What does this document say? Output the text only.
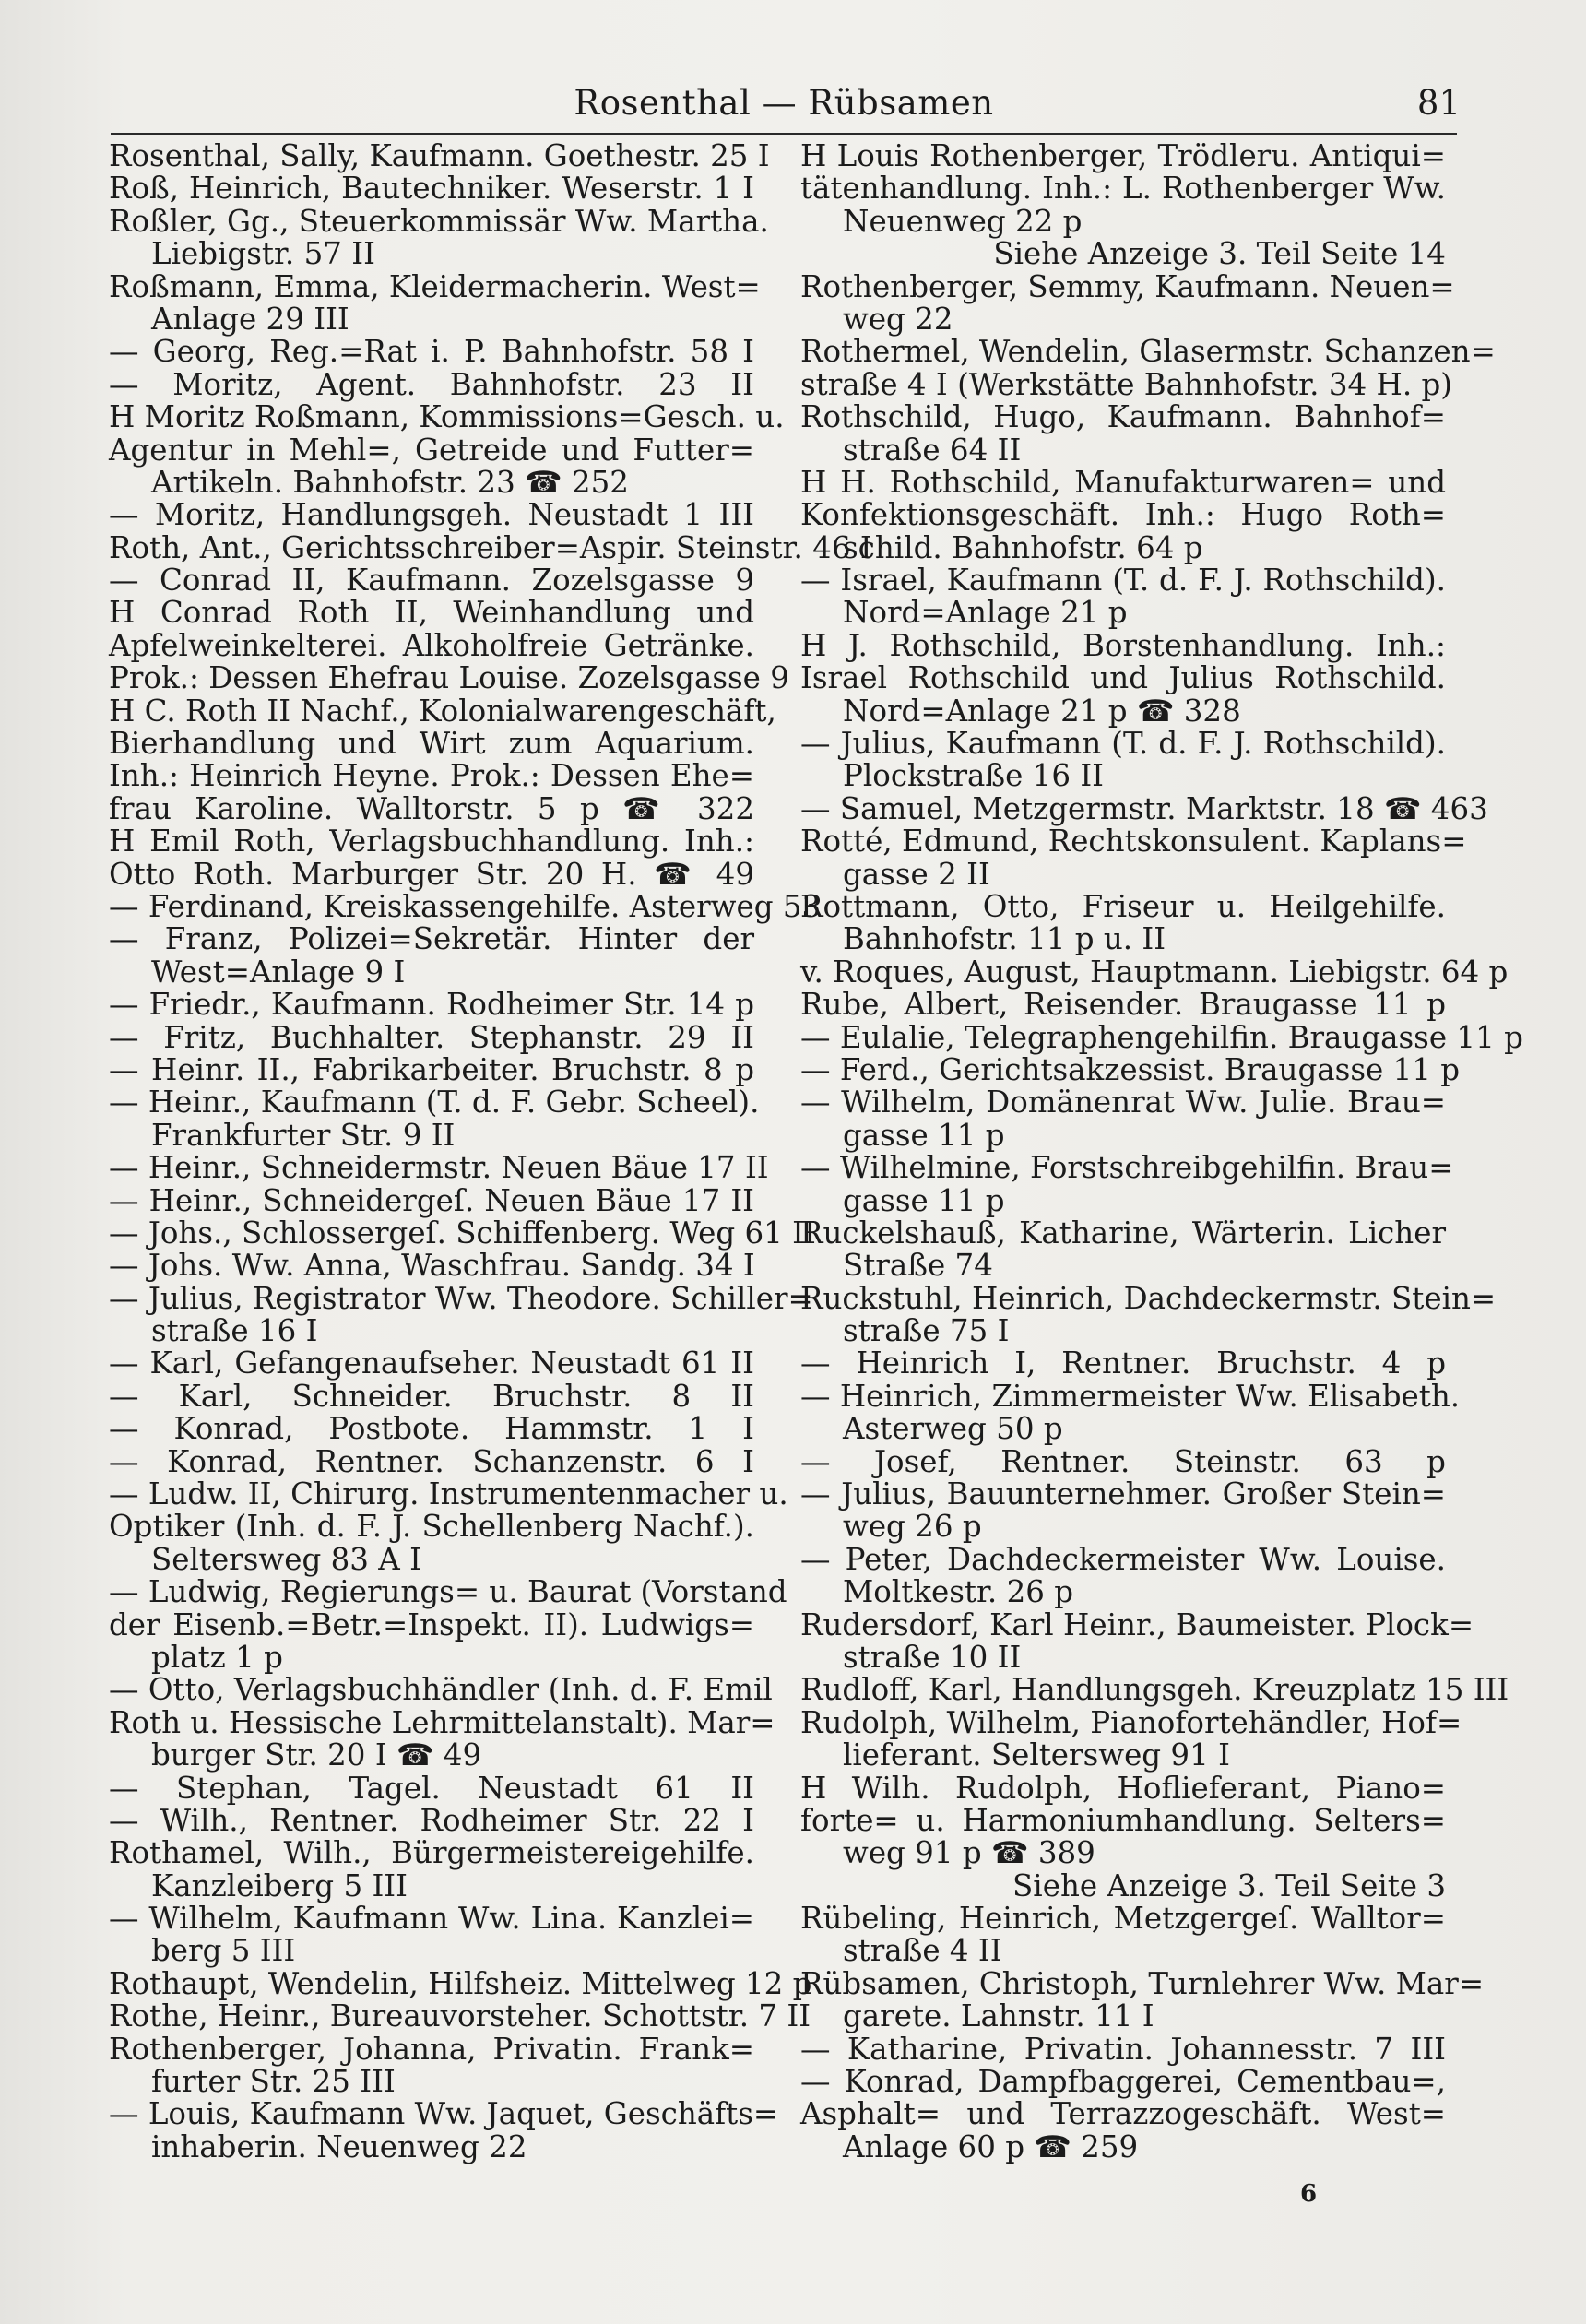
Rosenthal — Rübsamen	81
Rosenthal, Sally, Kaufmann. Goethestr. 25 I
Roß, Heinrich, Bautechniker. Weserstr. 1 I
Roßler, Gg., Steuerkommissär Ww. Martha.
Liebigstr. 57 II
Roßmann, Emma, Kleidermacherin. West=
Anlage 29 III
— Georg, Reg.=Rat i. P. Bahnhofstr. 58 I
— Moritz, Agent. Bahnhofstr. 23 II
H Moritz Roßmann, Kommissions=Gesch. u.
Agentur in Mehl=, Getreide und Futter=
Artikeln. Bahnhofstr. 23 ☎ 252
— Moritz, Handlungsgeh. Neustadt 1 III
Roth, Ant., Gerichtsschreiber=Aspir. Steinstr. 46 I
— Conrad II, Kaufmann. Zozelsgasse 9
H Conrad Roth II, Weinhandlung und
Apfelweinkelterei. Alkoholfreie Getränke.
Prok.: Dessen Ehefrau Louise. Zozelsgasse 9
H C. Roth II Nachf., Kolonialwarengeschäft,
Bierhandlung und Wirt zum Aquarium.
Inh.: Heinrich Heyne. Prok.: Dessen Ehe=
frau Karoline. Walltorstr. 5 p ☎ 322
H Emil Roth, Verlagsbuchhandlung. Inh.:
Otto Roth. Marburger Str. 20 H. ☎ 49
— Ferdinand, Kreiskassengehilfe. Asterweg 53
— Franz, Polizei=Sekretär. Hinter der
West=Anlage 9 I
— Friedr., Kaufmann. Rodheimer Str. 14 p
— Fritz, Buchhalter. Stephanstr. 29 II
— Heinr. II., Fabrikarbeiter. Bruchstr. 8 p
— Heinr., Kaufmann (T. d. F. Gebr. Scheel).
Frankfurter Str. 9 II
— Heinr., Schneidermstr. Neuen Bäue 17 II
— Heinr., Schneidergeſ. Neuen Bäue 17 II
— Johs., Schlossergeſ. Schiffenberg. Weg 61 II
— Johs. Ww. Anna, Waschfrau. Sandg. 34 I
— Julius, Registrator Ww. Theodore. Schiller=
straße 16 I
— Karl, Gefangenaufseher. Neustadt 61 II
— Karl, Schneider. Bruchstr. 8 II
— Konrad, Postbote. Hammstr. 1 I
— Konrad, Rentner. Schanzenstr. 6 I
— Ludw. II, Chirurg. Instrumentenmacher u.
Optiker (Inh. d. F. J. Schellenberg Nachf.).
Seltersweg 83 A I
— Ludwig, Regierungs= u. Baurat (Vorstand
der Eisenb.=Betr.=Inspekt. II). Ludwigs=
platz 1 p
— Otto, Verlagsbuchhändler (Inh. d. F. Emil
Roth u. Hessische Lehrmittelanstalt). Mar=
burger Str. 20 I ☎ 49
— Stephan, Tagel. Neustadt 61 II
— Wilh., Rentner. Rodheimer Str. 22 I
Rothamel, Wilh., Bürgermeistereigehilfe.
Kanzleiberg 5 III
— Wilhelm, Kaufmann Ww. Lina. Kanzlei=
berg 5 III
Rothaupt, Wendelin, Hilfsheiz. Mittelweg 12 p
Rothe, Heinr., Bureauvorsteher. Schottstr. 7 II
Rothenberger, Johanna, Privatin. Frank=
furter Str. 25 III
— Louis, Kaufmann Ww. Jaquet, Geschäfts=
inhaberin. Neuenweg 22
H Louis Rothenberger, Trödleru. Antiqui=
tätenhandlung. Inh.: L. Rothenberger Ww.
Neuenweg 22 p
Siehe Anzeige 3. Teil Seite 14
Rothenberger, Semmy, Kaufmann. Neuen=
weg 22
Rothermel, Wendelin, Glasermstr. Schanzen=
straße 4 I (Werkstätte Bahnhofstr. 34 H. p)
Rothschild, Hugo, Kaufmann. Bahnhof=
straße 64 II
H H. Rothschild, Manufakturwaren= und
Konfektionsgeschäft. Inh.: Hugo Roth=
schild. Bahnhofstr. 64 p
— Israel, Kaufmann (T. d. F. J. Rothschild).
Nord=Anlage 21 p
H J. Rothschild, Borstenhandlung. Inh.:
Israel Rothschild und Julius Rothschild.
Nord=Anlage 21 p ☎ 328
— Julius, Kaufmann (T. d. F. J. Rothschild).
Plockstraße 16 II
— Samuel, Metzgermstr. Marktstr. 18 ☎ 463
Rotté, Edmund, Rechtskonsulent. Kaplans=
gasse 2 II
Rottmann, Otto, Friseur u. Heilgehilfe.
Bahnhofstr. 11 p u. II
v. Roques, August, Hauptmann. Liebigstr. 64 p
Rube, Albert, Reisender. Braugasse 11 p
— Eulalie, Telegraphengehilfin. Braugasse 11 p
— Ferd., Gerichtsakzessist. Braugasse 11 p
— Wilhelm, Domänenrat Ww. Julie. Brau=
gasse 11 p
— Wilhelmine, Forstschreibgehilfin. Brau=
gasse 11 p
Ruckelshauß, Katharine, Wärterin. Licher
Straße 74
Ruckstuhl, Heinrich, Dachdeckermstr. Stein=
straße 75 I
— Heinrich I, Rentner. Bruchstr. 4 p
— Heinrich, Zimmermeister Ww. Elisabeth.
Asterweg 50 p
— Josef, Rentner. Steinstr. 63 p
— Julius, Bauunternehmer. Großer Stein=
weg 26 p
— Peter, Dachdeckermeister Ww. Louise.
Moltkestr. 26 p
Rudersdorf, Karl Heinr., Baumeister. Plock=
straße 10 II
Rudloff, Karl, Handlungsgeh. Kreuzplatz 15 III
Rudolph, Wilhelm, Pianofortehändler, Hof=
lieferant. Seltersweg 91 I
H Wilh. Rudolph, Hoflieferant, Piano=
forte= u. Harmoniumhandlung. Selters=
weg 91 p ☎ 389
Siehe Anzeige 3. Teil Seite 3
Rübeling, Heinrich, Metzgergeſ. Walltor=
straße 4 II
Rübsamen, Christoph, Turnlehrer Ww. Mar=
garete. Lahnstr. 11 I
— Katharine, Privatin. Johannesstr. 7 III
— Konrad, Dampfbaggerei, Cementbau=,
Asphalt= und Terrazzogeschäft. West=
Anlage 60 p ☎ 259
6
